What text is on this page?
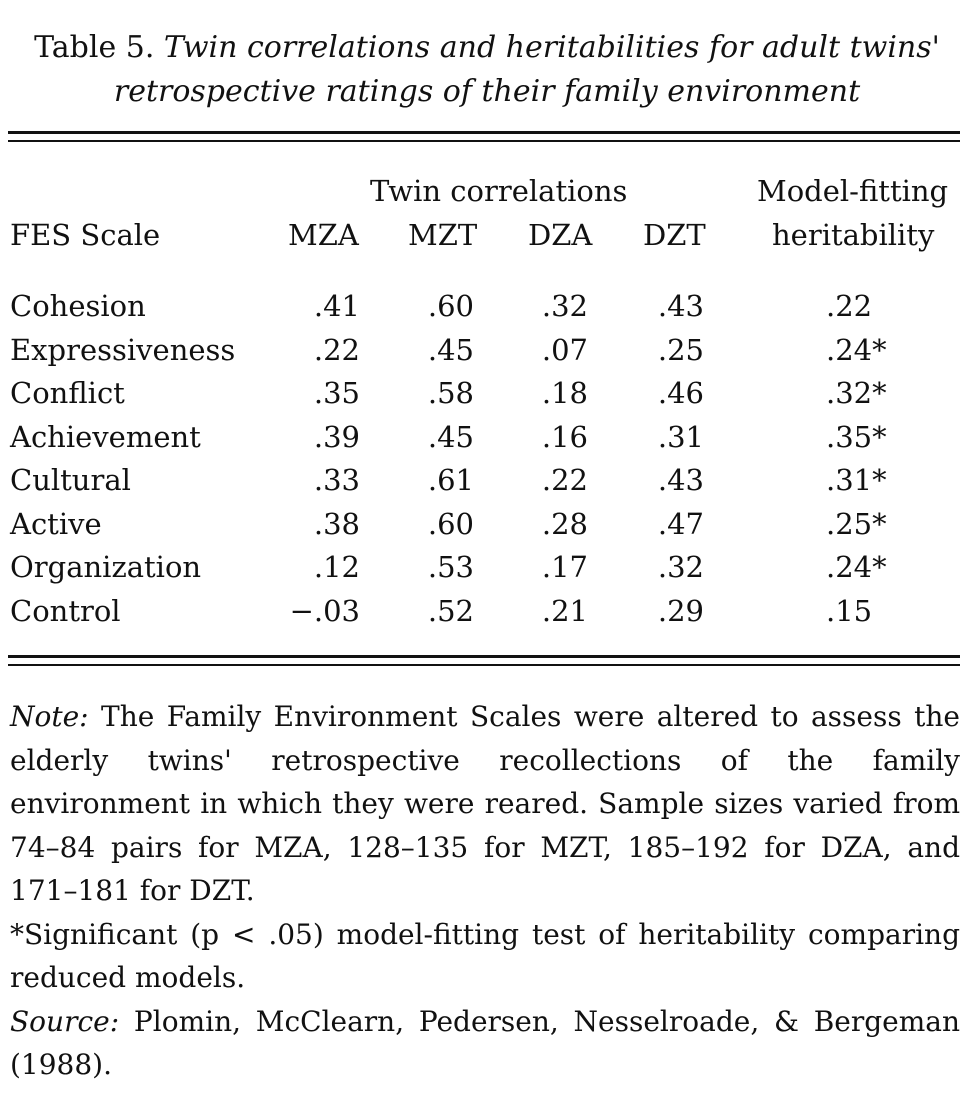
Table 5. Twin correlations and heritabilities for adult twins' retrospective ratings of their family environment
Twin correlations	Model-fitting
FES Scale	MZA MZT DZA DZT heritability
Cohesion	.41	.60	.32	.43	.22
Expressiveness	.22	.45	.07	.25	.24*
Conflict	.35	.58	.18	.46	.32*
Achievement	.39	.45	.16	.31	.35*
Cultural	.33	.61	.22	.43	.31*
Active	.38	.60	.28	.47	.25*
Organization	.12	.53	.17	.32	.24*
Control	−.03	.52	.21	.29	.15

Note: The Family Environment Scales were altered to assess the elderly twins' retrospective recollections of the family environment in which they were reared. Sample sizes varied from 74–84 pairs for MZA, 128–135 for MZT, 185–192 for DZA, and 171–181 for DZT.

*Significant (p < .05) model-fitting test of heritability comparing reduced models.

Source: Plomin, McClearn, Pedersen, Nesselroade, & Bergeman (1988).
